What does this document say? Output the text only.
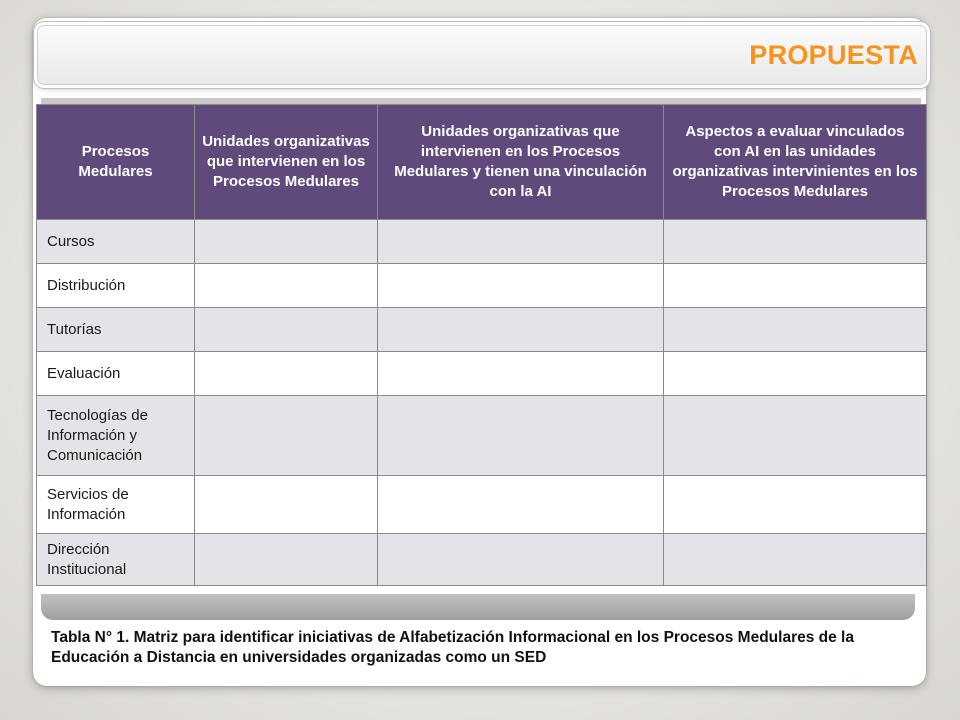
PROPUESTA
Procesos Medulares	Unidades organizativas que intervienen en los Procesos Medulares	Unidades organizativas que intervienen en los Procesos Medulares y tienen una vinculación con la AI	Aspectos a evaluar vinculados con AI en las unidades organizativas intervinientes en los Procesos Medulares
Cursos			
Distribución			
Tutorías			
Evaluación			
Tecnologías de Información y Comunicación			
Servicios de Información			
Dirección Institucional			

Tabla N° 1. Matriz para identificar iniciativas de Alfabetización Informacional en los Procesos Medulares de la Educación a Distancia en universidades organizadas como un SED
